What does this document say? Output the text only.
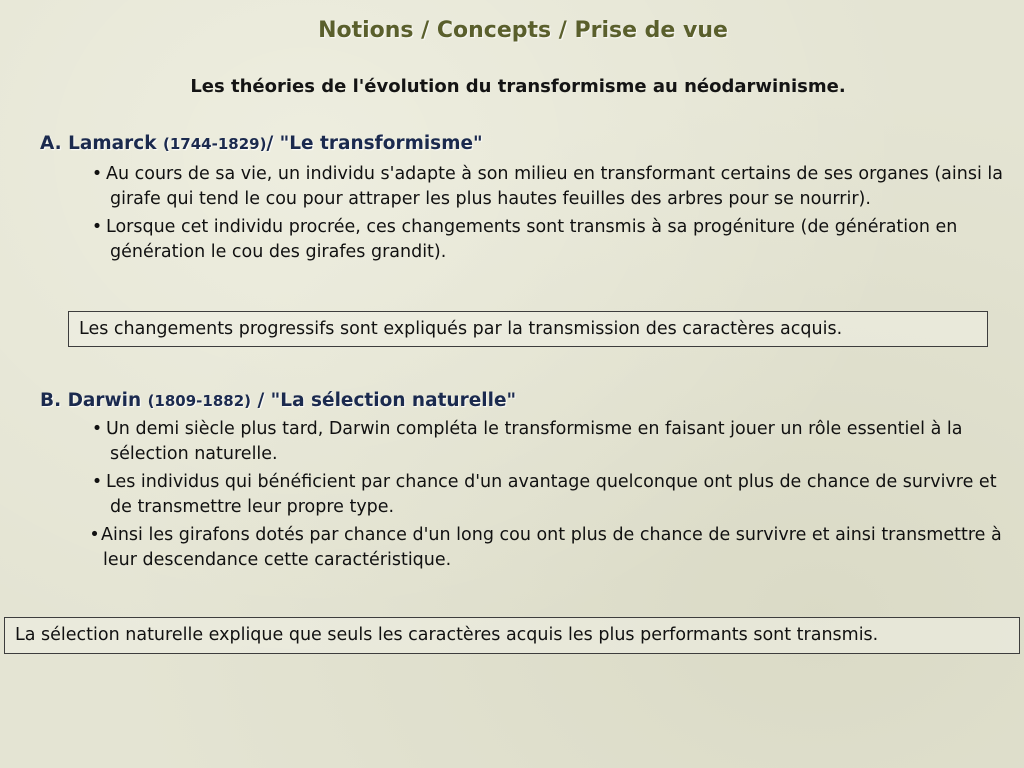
Notions / Concepts / Prise de vue
Les théories de l'évolution du transformisme au néodarwinisme.
A. Lamarck (1744-1829)/ "Le transformisme"
• Au cours de sa vie, un individu s'adapte à son milieu en transformant certains de ses organes (ainsi la girafe qui tend le cou pour attraper les plus hautes feuilles des arbres pour se nourrir).
• Lorsque cet individu procrée, ces changements sont transmis à sa progéniture (de génération en génération le cou des girafes grandit).
Les changements progressifs sont expliqués par la transmission des caractères acquis.
B. Darwin (1809-1882) / "La sélection naturelle"
• Un demi siècle plus tard, Darwin compléta le transformisme en faisant jouer un rôle essentiel à la sélection naturelle.
• Les individus qui bénéficient par chance d'un avantage quelconque ont plus de chance de survivre et de transmettre leur propre type.
•Ainsi les girafons dotés par chance d'un long cou ont plus de chance de survivre et ainsi transmettre à leur descendance cette caractéristique.
La sélection naturelle explique que seuls les caractères acquis les plus performants sont transmis.
